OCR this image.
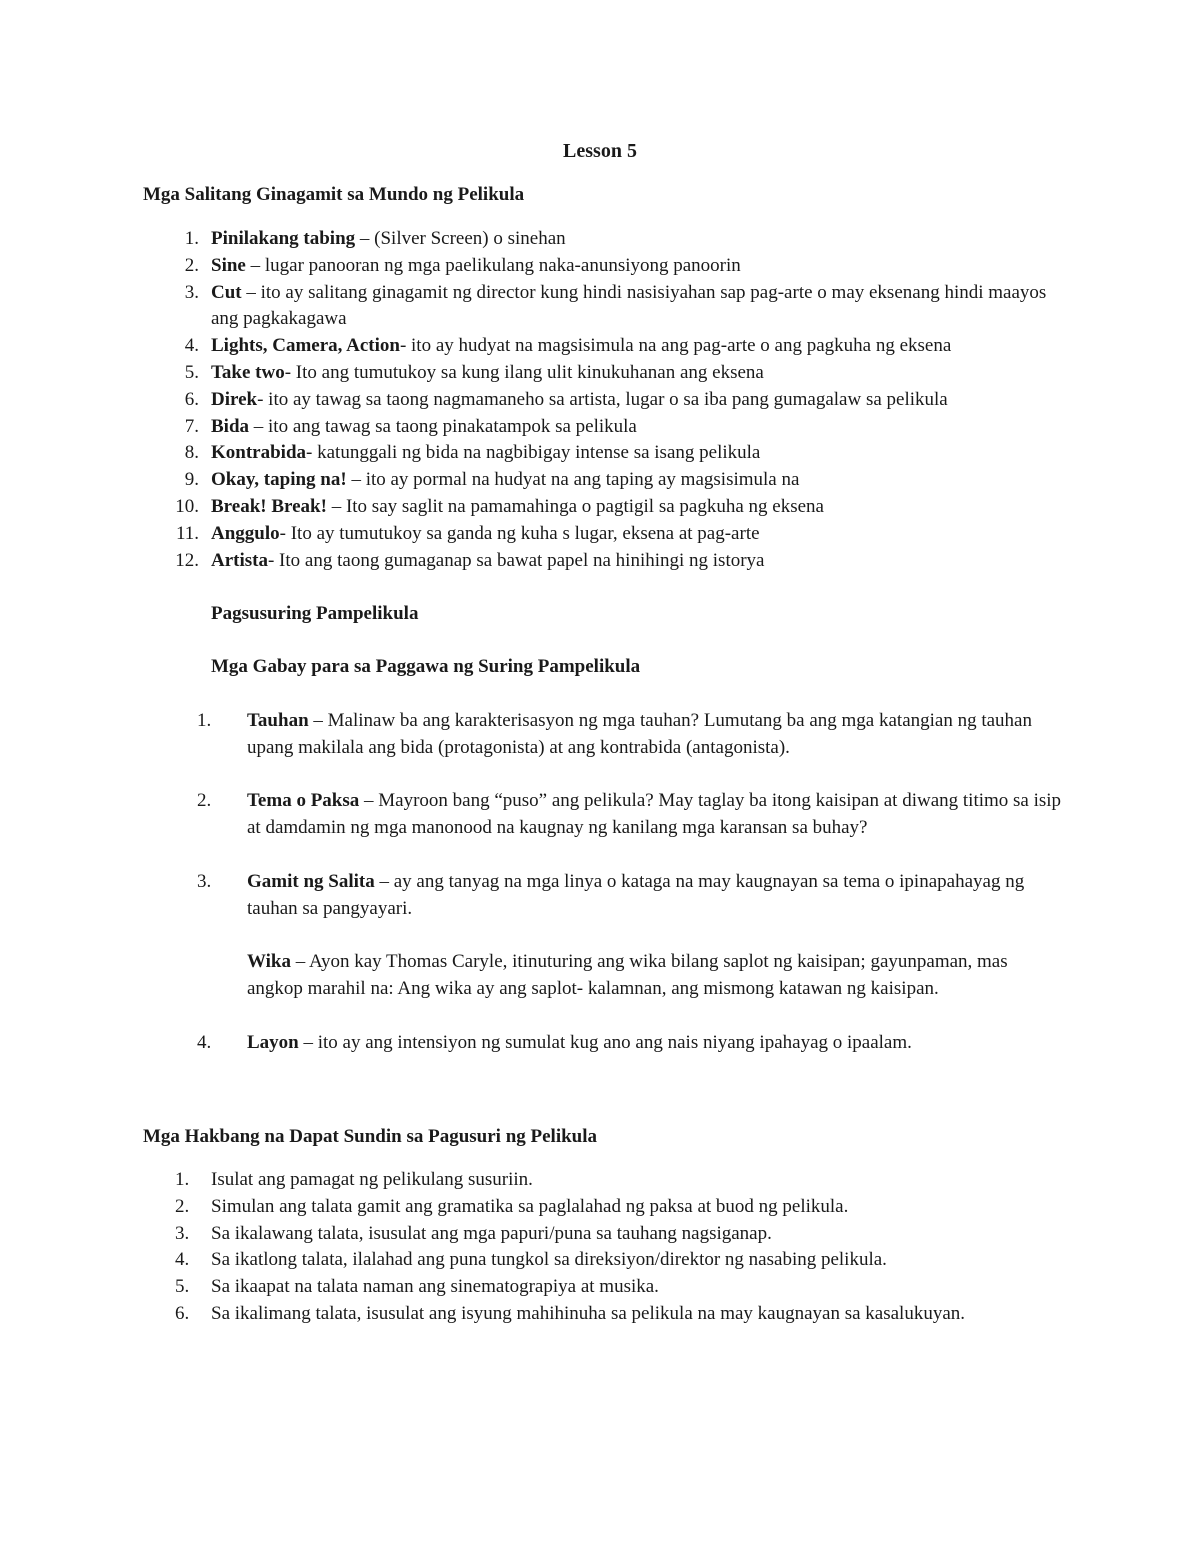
Lesson 5
Mga Salitang Ginagamit sa Mundo ng Pelikula
1. Pinilakang tabing – (Silver Screen) o sinehan
2. Sine – lugar panooran ng mga paelikulang naka-anunsiyong panoorin
3. Cut – ito ay salitang ginagamit ng director kung hindi nasisiyahan sap pag-arte o may eksenang hindi maayos ang pagkakagawa
4. Lights, Camera, Action- ito ay hudyat na magsisimula na ang pag-arte o ang pagkuha ng eksena
5. Take two- Ito ang tumutukoy sa kung ilang ulit kinukuhanan ang eksena
6. Direk- ito ay tawag sa taong nagmamaneho sa artista, lugar o sa iba pang gumagalaw sa pelikula
7. Bida – ito ang tawag sa taong pinakatampok sa pelikula
8. Kontrabida- katunggali ng bida na nagbibigay intense sa isang pelikula
9. Okay, taping na! – ito ay pormal na hudyat na ang taping ay magsisimula na
10. Break! Break! – Ito say saglit na pamamahinga o pagtigil sa pagkuha ng eksena
11. Anggulo- Ito ay tumutukoy sa ganda ng kuha s lugar, eksena at pag-arte
12. Artista- Ito ang taong gumaganap sa bawat papel na hinihingi ng istorya
Pagsusuring Pampelikula
Mga Gabay para sa Paggawa ng Suring Pampelikula
1.	Tauhan – Malinaw ba ang karakterisasyon ng mga tauhan? Lumutang ba ang mga katangian ng tauhan upang makilala ang bida (protagonista) at ang kontrabida (antagonista).
2.	Tema o Paksa – Mayroon bang “puso” ang pelikula? May taglay ba itong kaisipan at diwang titimo sa isip at damdamin ng mga manonood na kaugnay ng kanilang mga karansan sa buhay?
3.	Gamit ng Salita – ay ang tanyag na mga linya o kataga na may kaugnayan sa tema o ipinapahayag ng tauhan sa pangyayari.
Wika – Ayon kay Thomas Caryle, itinuturing ang wika bilang saplot ng kaisipan; gayunpaman, mas angkop marahil na: Ang wika ay ang saplot- kalamnan, ang mismong katawan ng kaisipan.
4.	Layon – ito ay ang intensiyon ng sumulat kug ano ang nais niyang ipahayag o ipaalam.
Mga Hakbang na Dapat Sundin sa Pagusuri ng Pelikula
1.	Isulat ang pamagat ng pelikulang susuriin.
2.	Simulan ang talata gamit ang gramatika sa paglalahad ng paksa at buod ng pelikula.
3.	Sa ikalawang talata, isusulat ang mga papuri/puna sa tauhang nagsiganap.
4.	Sa ikatlong talata, ilalahad ang puna tungkol sa direksiyon/direktor ng nasabing pelikula.
5.	Sa ikaapat na talata naman ang sinematograpiya at musika.
6.	Sa ikalimang talata, isusulat ang isyung mahihinuha sa pelikula na may kaugnayan sa kasalukuyan.
